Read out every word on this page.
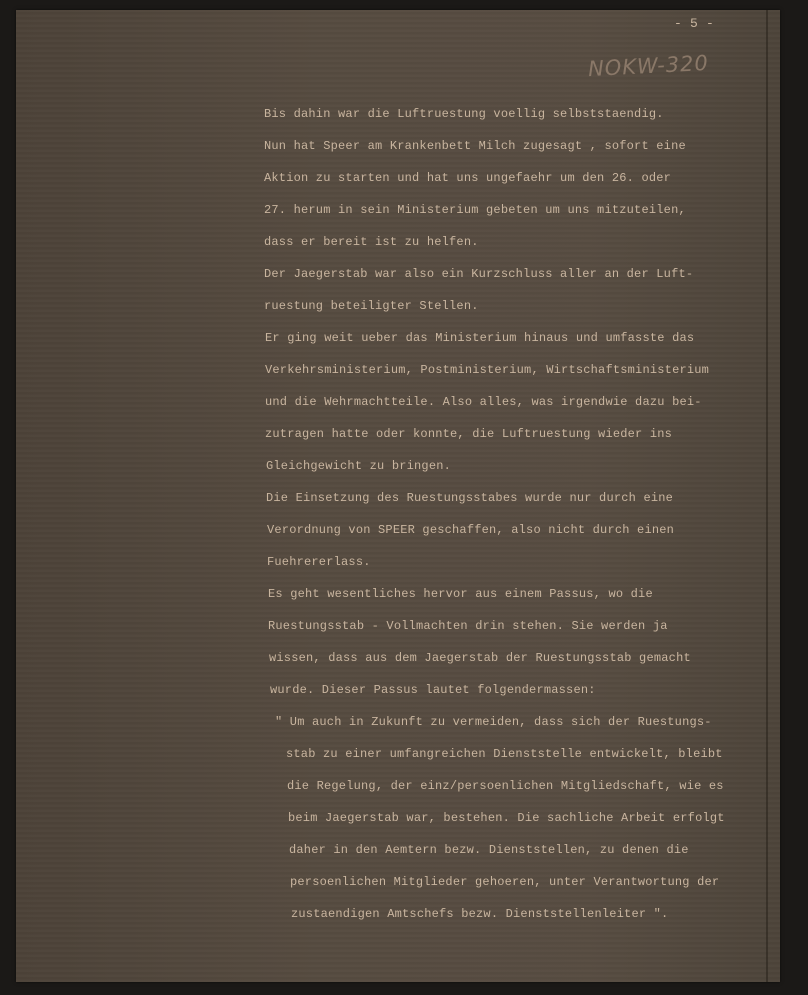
- 5 -
NOKW-320
Bis dahin war die Luftruestung voellig selbststaendig.
Nun hat Speer am Krankenbett Milch zugesagt , sofort eine
Aktion zu starten und hat uns ungefaehr um den 26. oder
27. herum in sein Ministerium gebeten um uns mitzuteilen,
dass er bereit ist zu helfen.
Der Jaegerstab war also ein Kurzschluss aller an der Luft-
ruestung beteiligter Stellen.
Er ging weit ueber das Ministerium hinaus und umfasste das
Verkehrsministerium, Postministerium, Wirtschaftsministerium
und die Wehrmachtteile. Also alles, was irgendwie dazu bei-
zutragen hatte oder konnte, die Luftruestung wieder ins
Gleichgewicht zu bringen.
Die Einsetzung des Ruestungsstabes wurde nur durch eine
Verordnung von SPEER geschaffen, also nicht durch einen
Fuehrererlass.
Es geht wesentliches hervor aus einem Passus, wo die
Ruestungsstab - Vollmachten drin stehen. Sie werden ja
wissen, dass aus dem Jaegerstab der Ruestungsstab gemacht
wurde. Dieser Passus lautet folgendermassen:
" Um auch in Zukunft zu vermeiden, dass sich der Ruestungs-
stab zu einer umfangreichen Dienststelle entwickelt, bleibt
die Regelung, der einz/persoenlichen Mitgliedschaft, wie es
beim Jaegerstab war, bestehen. Die sachliche Arbeit erfolgt
daher in den Aemtern bezw. Dienststellen, zu denen die
persoenlichen Mitglieder gehoeren, unter Verantwortung der
zustaendigen Amtschefs bezw. Dienststellenleiter ".
